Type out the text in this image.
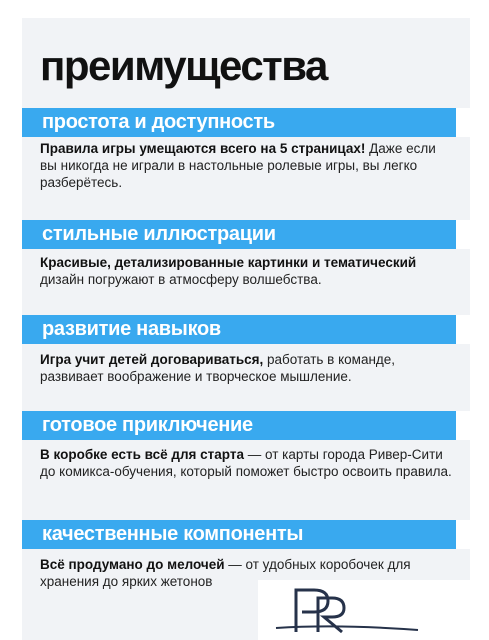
преимущества
простота и доступность

Правила игры умещаются всего на 5 страницах! Даже если вы никогда не играли в настольные ролевые игры, вы легко разберётесь.

стильные иллюстрации

Красивые, детализированные картинки и тематический дизайн погружают в атмосферу волшебства.

развитие навыков

Игра учит детей договариваться, работать в команде, развивает воображение и творческое мышление.

готовое приключение

В коробке есть всё для старта — от карты города Ривер-Сити до комикса-обучения, который поможет быстро освоить правила.

качественные компоненты

Всё продумано до мелочей — от удобных коробочек для хранения до ярких жетонов
